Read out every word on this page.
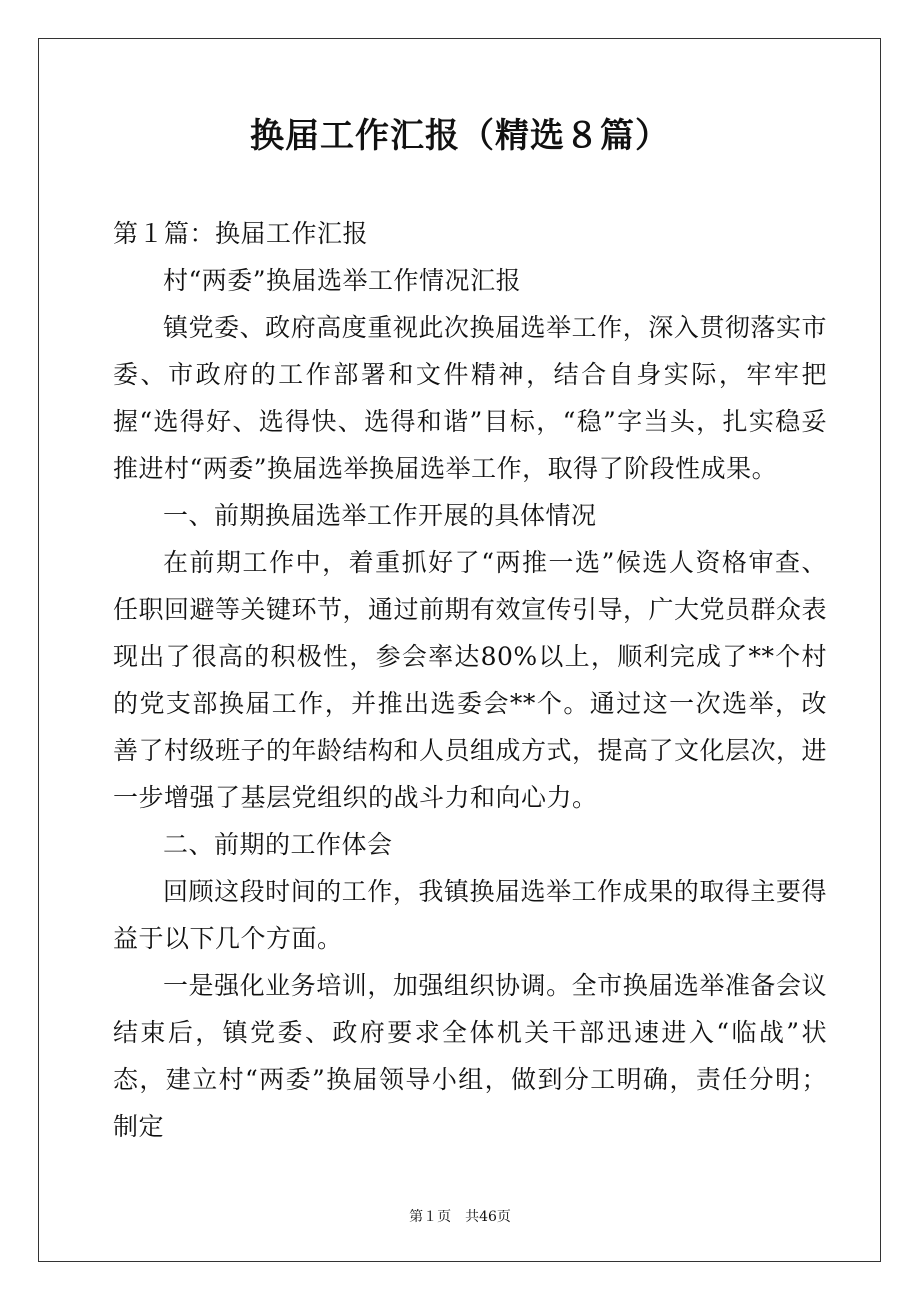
换届工作汇报（精选８篇）
第１篇：换届工作汇报
村“两委”换届选举工作情况汇报

镇党委、政府高度重视此次换届选举工作，深入贯彻落实市委、市政府的工作部署和文件精神，结合自身实际，牢牢把握“选得好、选得快、选得和谐”目标，“稳”字当头，扎实稳妥推进村“两委”换届选举换届选举工作，取得了阶段性成果。

一、前期换届选举工作开展的具体情况

在前期工作中，着重抓好了“两推一选”候选人资格审查、任职回避等关键环节，通过前期有效宣传引导，广大党员群众表现出了很高的积极性，参会率达80%以上，顺利完成了**个村的党支部换届工作，并推出选委会**个。通过这一次选举，改善了村级班子的年龄结构和人员组成方式，提高了文化层次，进一步增强了基层党组织的战斗力和向心力。

二、前期的工作体会

回顾这段时间的工作，我镇换届选举工作成果的取得主要得益于以下几个方面。

一是强化业务培训，加强组织协调。全市换届选举准备会议结束后，镇党委、政府要求全体机关干部迅速进入“临战”状态，建立村“两委”换届领导小组，做到分工明确，责任分明；制定

第１页　共46页
